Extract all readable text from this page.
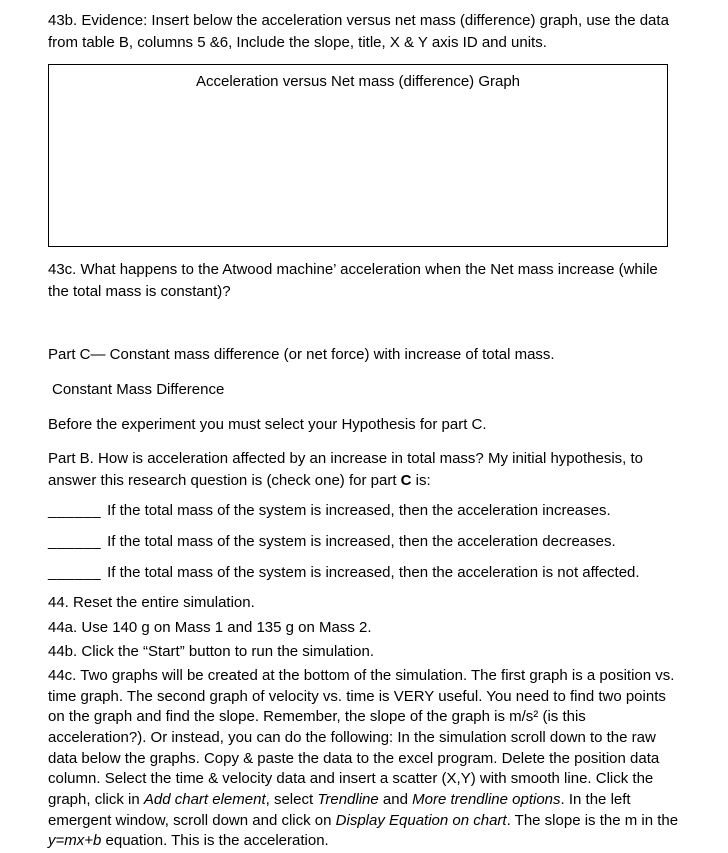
43b. Evidence: Insert below the acceleration versus net mass (difference) graph, use the data from table B, columns 5 &6, Include the slope, title, X & Y axis ID and units.

Acceleration versus Net mass (difference) Graph

43c. What happens to the Atwood machine’ acceleration when the Net mass increase (while the total mass is constant)?

Part C— Constant mass difference (or net force) with increase of total mass.

Constant Mass Difference

Before the experiment you must select your Hypothesis for part C.

Part B. How is acceleration affected by an increase in total mass? My initial hypothesis, to answer this research question is (check one) for part C is:

______ If the total mass of the system is increased, then the acceleration increases.

______ If the total mass of the system is increased, then the acceleration decreases.

______ If the total mass of the system is increased, then the acceleration is not affected.

44. Reset the entire simulation.

44a. Use 140 g on Mass 1 and 135 g on Mass 2.

44b. Click the “Start” button to run the simulation.

44c. Two graphs will be created at the bottom of the simulation. The first graph is a position vs. time graph. The second graph of velocity vs. time is VERY useful. You need to find two points on the graph and find the slope. Remember, the slope of the graph is m/s² (is this acceleration?). Or instead, you can do the following: In the simulation scroll down to the raw data below the graphs. Copy & paste the data to the excel program. Delete the position data column. Select the time & velocity data and insert a scatter (X,Y) with smooth line. Click the graph, click in Add chart element, select Trendline and More trendline options. In the left emergent window, scroll down and click on Display Equation on chart. The slope is the m in the y=mx+b equation. This is the acceleration.
